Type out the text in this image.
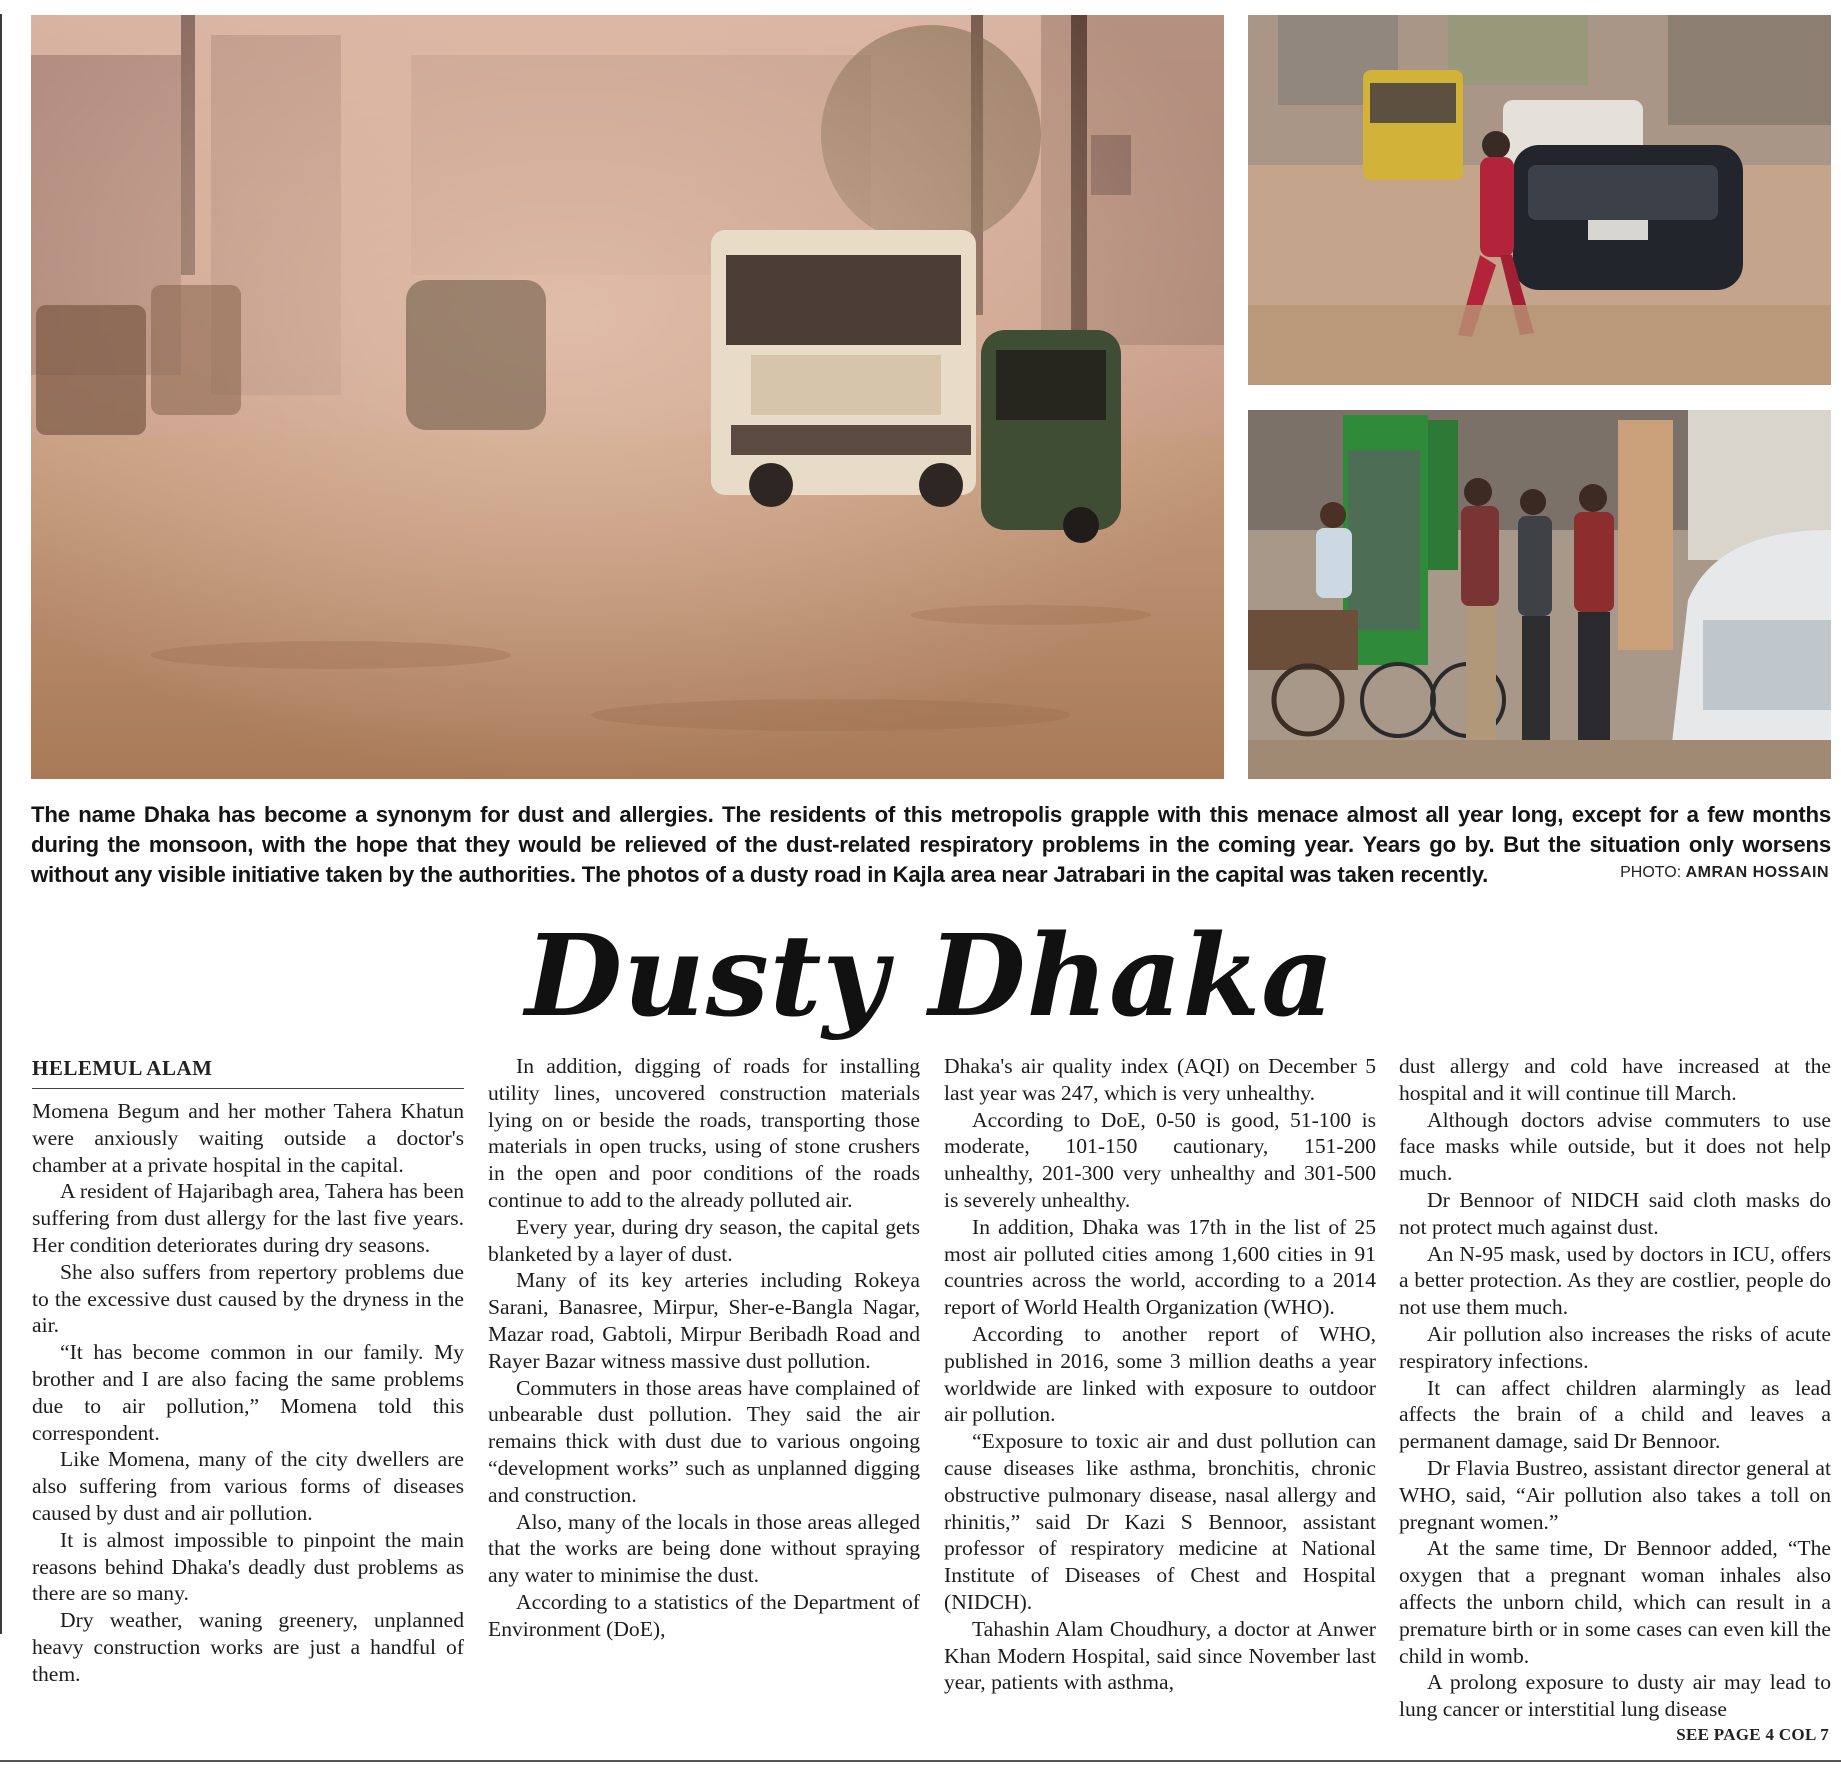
The name Dhaka has become a synonym for dust and allergies. The residents of this metropolis grapple with this menace almost all year long, except for a few months during the monsoon, with the hope that they would be relieved of the dust-related respiratory problems in the coming year. Years go by. But the situation only worsens without any visible initiative taken by the authorities. The photos of a dusty road in Kajla area near Jatrabari in the capital was taken recently.	PHOTO: AMRAN HOSSAIN
Dusty Dhaka
HELEMUL ALAM

Momena Begum and her mother Tahera Khatun were anxiously waiting outside a doctor's chamber at a private hospital in the capital.

A resident of Hajaribagh area, Tahera has been suffering from dust allergy for the last five years. Her condition deteriorates during dry seasons.

She also suffers from repertory problems due to the excessive dust caused by the dryness in the air.

“It has become common in our family. My brother and I are also facing the same problems due to air pollution,” Momena told this correspondent.

Like Momena, many of the city dwellers are also suffering from various forms of diseases caused by dust and air pollution.

It is almost impossible to pinpoint the main reasons behind Dhaka's deadly dust problems as there are so many.

Dry weather, waning greenery, unplanned heavy construction works are just a handful of them.

In addition, digging of roads for installing utility lines, uncovered construction materials lying on or beside the roads, transporting those materials in open trucks, using of stone crushers in the open and poor conditions of the roads continue to add to the already polluted air.

Every year, during dry season, the capital gets blanketed by a layer of dust.

Many of its key arteries including Rokeya Sarani, Banasree, Mirpur, Sher-e-Bangla Nagar, Mazar road, Gabtoli, Mirpur Beribadh Road and Rayer Bazar witness massive dust pollution.

Commuters in those areas have complained of unbearable dust pollution. They said the air remains thick with dust due to various ongoing “development works” such as unplanned digging and construction.

Also, many of the locals in those areas alleged that the works are being done without spraying any water to minimise the dust.

According to a statistics of the Department of Environment (DoE),

Dhaka's air quality index (AQI) on December 5 last year was 247, which is very unhealthy.

According to DoE, 0-50 is good, 51-100 is moderate, 101-150 cautionary, 151-200 unhealthy, 201-300 very unhealthy and 301-500 is severely unhealthy.

In addition, Dhaka was 17th in the list of 25 most air polluted cities among 1,600 cities in 91 countries across the world, according to a 2014 report of World Health Organization (WHO).

According to another report of WHO, published in 2016, some 3 million deaths a year worldwide are linked with exposure to outdoor air pollution.

“Exposure to toxic air and dust pollution can cause diseases like asthma, bronchitis, chronic obstructive pulmonary disease, nasal allergy and rhinitis,” said Dr Kazi S Bennoor, assistant professor of respiratory medicine at National Institute of Diseases of Chest and Hospital (NIDCH).

Tahashin Alam Choudhury, a doctor at Anwer Khan Modern Hospital, said since November last year, patients with asthma,

dust allergy and cold have increased at the hospital and it will continue till March.

Although doctors advise commuters to use face masks while outside, but it does not help much.

Dr Bennoor of NIDCH said cloth masks do not protect much against dust.

An N-95 mask, used by doctors in ICU, offers a better protection. As they are costlier, people do not use them much.

Air pollution also increases the risks of acute respiratory infections.

It can affect children alarmingly as lead affects the brain of a child and leaves a permanent damage, said Dr Bennoor.

Dr Flavia Bustreo, assistant director general at WHO, said, “Air pollution also takes a toll on pregnant women.”

At the same time, Dr Bennoor added, “The oxygen that a pregnant woman inhales also affects the unborn child, which can result in a premature birth or in some cases can even kill the child in womb.

A prolong exposure to dusty air may lead to lung cancer or interstitial lung disease

SEE PAGE 4 COL 7
